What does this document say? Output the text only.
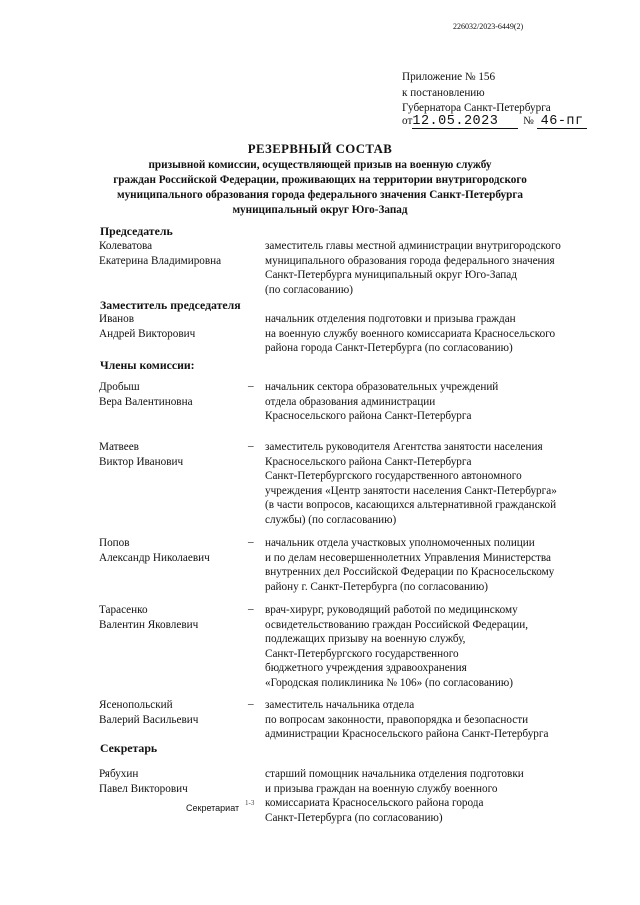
226032/2023-6449(2)
Приложение № 156
к постановлению
Губернатора Санкт-Петербурга
от12.05.2023 № 46-пг
РЕЗЕРВНЫЙ СОСТАВ
призывной комиссии, осуществляющей призыв на военную службу
граждан Российской Федерации, проживающих на территории внутригородского
муниципального образования города федерального значения Санкт-Петербурга
муниципальный округ Юго-Запад
Председатель
Заместитель председателя
Члены комиссии:
Секретарь
Колеватова
Екатерина Владимировна
заместитель главы местной администрации внутригородского
муниципального образования города федерального значения
Санкт-Петербурга муниципальный округ Юго-Запад
(по согласованию)
Иванов
Андрей Викторович
начальник отделения подготовки и призыва граждан
на военную службу военного комиссариата Красносельского
района города Санкт-Петербурга (по согласованию)
Дробыш
Вера Валентиновна
– начальник сектора образовательных учреждений
отдела образования администрации
Красносельского района Санкт-Петербурга
Матвеев
Виктор Иванович
– заместитель руководителя Агентства занятости населения
Красносельского района Санкт-Петербурга
Санкт-Петербургского государственного автономного
учреждения «Центр занятости населения Санкт-Петербурга»
(в части вопросов, касающихся альтернативной гражданской
службы) (по согласованию)
Попов
Александр Николаевич
– начальник отдела участковых уполномоченных полиции
и по делам несовершеннолетних Управления Министерства
внутренних дел Российской Федерации по Красносельскому
району г. Санкт-Петербурга (по согласованию)
Тарасенко
Валентин Яковлевич
– врач-хирург, руководящий работой по медицинскому
освидетельствованию граждан Российской Федерации,
подлежащих призыву на военную службу,
Санкт-Петербургского государственного
бюджетного учреждения здравоохранения
«Городская поликлиника № 106» (по согласованию)
Ясенопольский
Валерий Васильевич
– заместитель начальника отдела
по вопросам законности, правопорядка и безопасности
администрации Красносельского района Санкт-Петербурга
Рябухин
Павел Викторович
старший помощник начальника отделения подготовки
и призыва граждан на военную службу военного
комиссариата Красносельского района города
Санкт-Петербурга (по согласованию)
Секретариат 1-3
